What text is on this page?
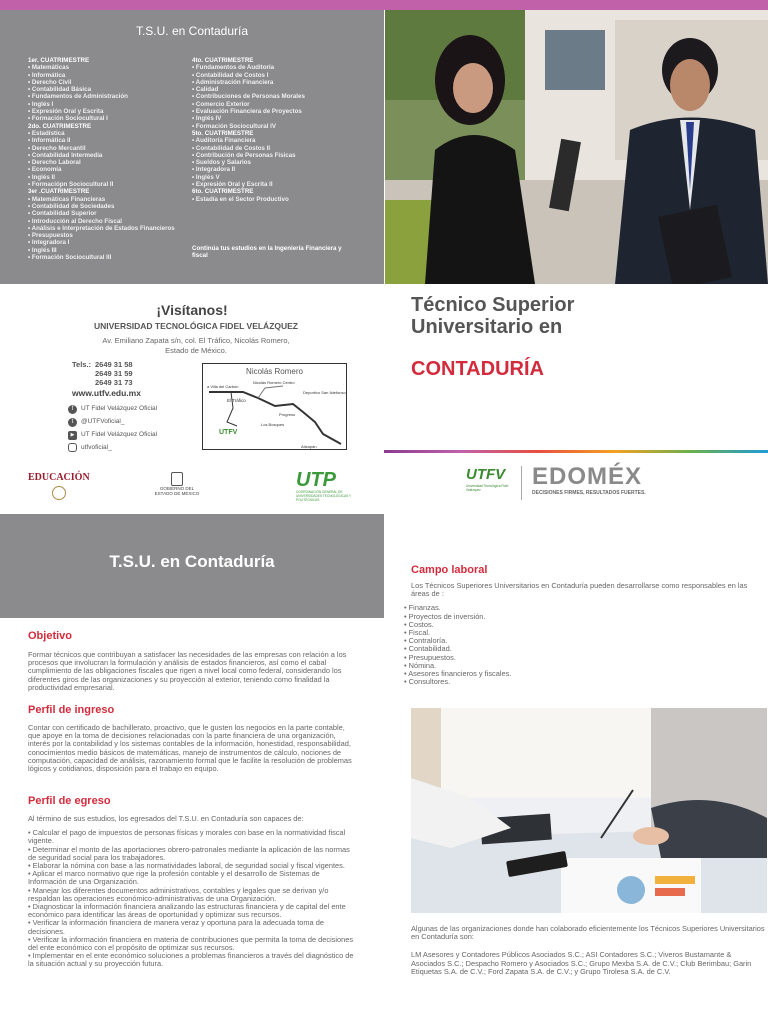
T.S.U. en Contaduría
1er. CUATRIMESTRE
• Matemáticas
• Informática
• Derecho Civil
• Contabilidad Básica
• Fundamentos de Administración
• Inglés I
• Expresión Oral y Escrita
• Formación Sociocultural I
2do. CUATRIMESTRE
• Estadística
• Informática II
• Derecho Mercantil
• Contabilidad Intermedia
• Derecho Laboral
• Economía
• Inglés II
• Formaciópn Sociocultural II
3er .CUATRIMESTRE
• Matemáticas Financieras
• Contabilidad de Sociedades
• Contabilidad Superior
• Introducción al Derecho Fiscal
• Análisis e Interpretación de Estados Financieros
• Presupuestos
• Integradora I
• Inglés III
• Formación Sociocultural III
4to. CUATRIMESTRE
• Fundamentos de Auditoría
• Contabilidad de Costos I
• Administración Financiera
• Calidad
• Contribuciones de Personas Morales
• Comercio Exterior
• Evaluación Financiera de Proyectos
• Inglés IV
• Formación Sociocultural IV
5to. CUATRIMESTRE
• Auditoría Financiera
• Contabilidad de Costos II
• Contribución de Personas Físicas
• Sueldos y Salarios
• Integradora II
• Inglés V
• Expresión Oral y Escrita II
6to. CUATRIMESTRE
• Estadía en el Sector Productivo
Continúa tus estudios en la Ingeniería Financiera y fiscal
¡Visítanos!
UNIVERSIDAD TECNOLÓGICA FIDEL VELÁZQUEZ
Av. Emiliano Zapata s/n, col. El Tráfico, Nicolás Romero,
Estado de México.
Tels.: 2649 31 58
2649 31 59
2649 31 73
www.utfv.edu.mx
f UT Fidel Velázquez Oficial
t @UTFVoficial_
▶ UT Fidel Velázquez Oficial
utfvoficial_
Nicolás Romero
a Villa del Carbón
Nicolás Romero Centro
Deportivo San Ildefonso
El Tráfico
Progreso
Los Bosques
Atizapán
UTFV
Técnico Superior
Universitario en
CONTADURÍA
EDUCACIÓN
GOBIERNO DEL
ESTADO DE MÉXICO
UTP
COORDINACIÓN GENERAL DE UNIVERSIDADES TECNOLÓGICAS Y POLITÉCNICAS
UTFV
Universidad Tecnológica Fidel Velázquez	EDOMÉX
DECISIONES FIRMES, RESULTADOS FUERTES.
T.S.U. en Contaduría
Objetivo
Formar técnicos que contribuyan a satisfacer las necesidades de las empresas con relación a los procesos que involucran la formulación y análisis de estados financieros, así como el cabal cumplimiento de las obligaciones fiscales que rigen a nivel local como federal, considerando los diferentes giros de las organizaciones y su proyección al exterior, teniendo como finalidad la productividad empresarial.
Perfil de ingreso
Contar con certificado de bachillerato, proactivo, que le gusten los negocios en la parte contable, que apoye en la toma de decisiones relacionadas con la parte financiera de una organización, interés por la contabilidad y los sistemas contables de la información, honestidad, responsabilidad, conocimientos medio básicos de matemáticas, manejo de instrumentos de cálculo, nociones de computación, capacidad de análisis, razonamiento formal que le facilite la resolución de problemas lógicos y cotidianos, disposición para el trabajo en equipo.
Perfil de egreso
Al término de sus estudios, los egresados del T.S.U. en Contaduría son capaces de:
• Calcular el pago de impuestos de personas físicas y morales con base en la normatividad fiscal vigente.
• Determinar el monto de las aportaciones obrero-patronales mediante la aplicación de las normas de seguridad social para los trabajadores.
• Elaborar la nómina con base a las normatividades laboral, de seguridad social y fiscal vigentes.
• Aplicar el marco normativo que rige la profesión contable y el desarrollo de Sistemas de Información de una Organización.
• Manejar los diferentes documentos administrativos, contables y legales que se derivan y/o respaldan las operaciones económico-administrativas de una Organización.
• Diagnosticar la información financiera analizando las estructuras financiera y de capital del ente económico para identificar las áreas de oportunidad y optimizar sus recursos.
• Verificar la información financiera de manera veraz y oportuna para la adecuada toma de decisiones.
• Verificar la información financiera en materia de contribuciones que permita la toma de decisiones del ente económico con el propósito de optimizar sus recursos.
• Implementar en el ente económico soluciones a problemas financieros a través del diagnóstico de la situación actual y su proyección futura.
Campo laboral
Los Técnicos Superiores Universitarios en Contaduría pueden desarrollarse como responsables en las áreas de :
• Finanzas.
• Proyectos de inversión.
• Costos.
• Fiscal.
• Contraloría.
• Contabilidad.
• Presupuestos.
• Nómina.
• Asesores financieros y fiscales.
• Consultores.
Algunas de las organizaciones donde han colaborado eficientemente los Técnicos Superiores Universitarios en Contaduría son:
LM Asesores y Contadores Públicos Asociados S.C.; ASI Contadores S.C.; Viveros Bustamante & Asociados S.C.; Despacho Romero y Asociados S.C.; Grupo Mexba S.A. de C.V.; Club Berimbau; Garin Etiquetas S.A. de C.V.; Ford Zapata S.A. de C.V.; y Grupo Tirolesa S.A. de C.V.
